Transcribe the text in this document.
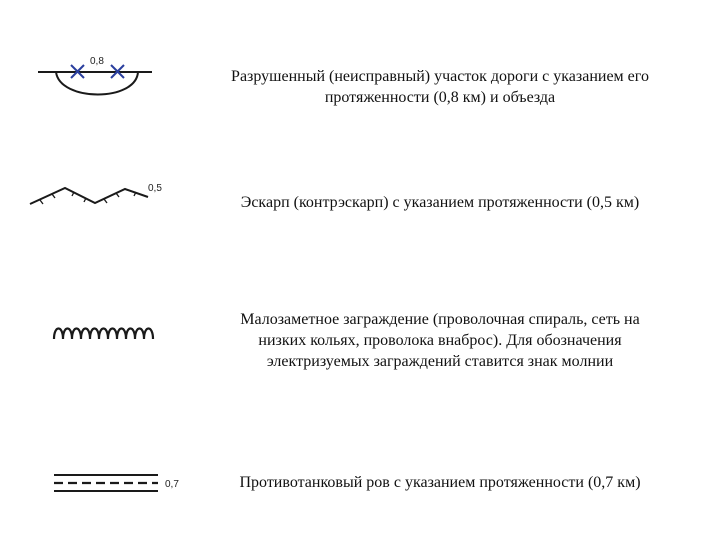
0,8
Разрушенный (неисправный) участок дороги с указанием его
протяженности (0,8 км) и объезда
0,5
Эскарп (контрэскарп) с указанием протяженности (0,5 км)
Малозаметное заграждение (проволочная спираль, сеть на
низких кольях, проволока внаброс). Для обозначения
электризуемых заграждений ставится знак молнии
0,7	Противотанковый ров с указанием протяженности (0,7 км)
